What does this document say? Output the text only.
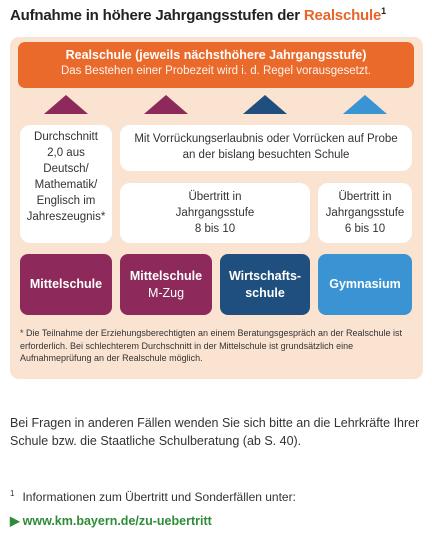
Aufnahme in höhere Jahrgangsstufen der Realschule$^1$
Realschule (jeweils nächsthöhere Jahrgangsstufe)
Das Bestehen einer Probezeit wird i. d. Regel vorausgesetzt.
Durchschnitt
2,0 aus
Deutsch/
Mathematik/
Englisch im
Jahreszeugnis*
Mit Vorrückungserlaubnis oder Vorrücken auf Probe
an der bislang besuchten Schule
Übertritt in
Jahrgangsstufe
8 bis 10
Übertritt in
Jahrgangsstufe
6 bis 10
Mittelschule
Mittelschule
M-Zug
Wirtschafts-
schule
Gymnasium
* Die Teilnahme der Erziehungsberechtigten an einem Beratungsgespräch an der Realschule ist erforderlich. Bei schlechterem Durchschnitt in der Mittelschule ist grundsätzlich eine Aufnahmeprüfung an der Realschule möglich.
Bei Fragen in anderen Fällen wenden Sie sich bitte an die Lehrkräfte Ihrer Schule bzw. die Staatliche Schulberatung (ab S. 40).
$^1$ Informationen zum Übertritt und Sonderfällen unter:
▶ www.km.bayern.de/zu-uebertritt
